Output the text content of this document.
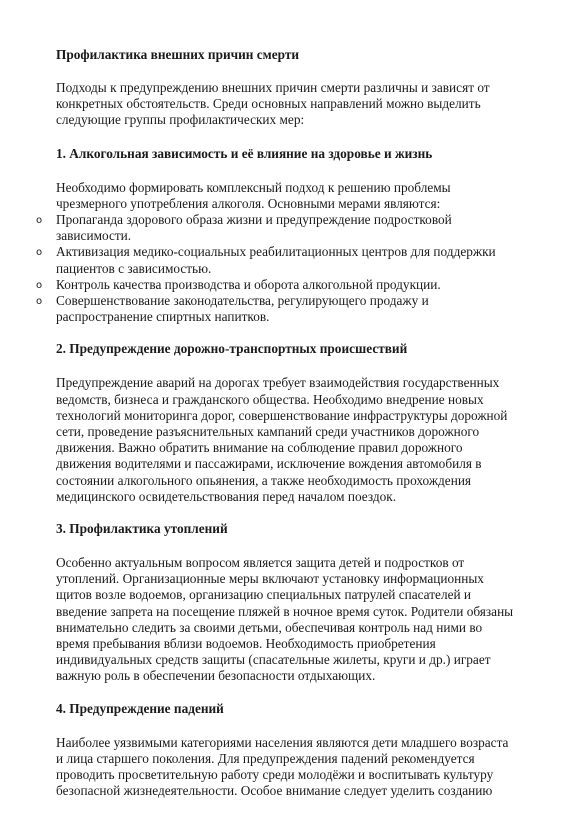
Профилактика внешних причин смерти

Подходы к предупреждению внешних причин смерти различны и зависят от конкретных обстоятельств. Среди основных направлений можно выделить следующие группы профилактических мер:

1. Алкогольная зависимость и её влияние на здоровье и жизнь

Необходимо формировать комплексный подход к решению проблемы чрезмерного употребления алкоголя. Основными мерами являются:

o Пропаганда здорового образа жизни и предупреждение подростковой зависимости.
o Активизация медико-социальных реабилитационных центров для поддержки пациентов с зависимостью.
o Контроль качества производства и оборота алкогольной продукции.
o Совершенствование законодательства, регулирующего продажу и распространение спиртных напитков.
2. Предупреждение дорожно-транспортных происшествий

Предупреждение аварий на дорогах требует взаимодействия государственных ведомств, бизнеса и гражданского общества. Необходимо внедрение новых технологий мониторинга дорог, совершенствование инфраструктуры дорожной сети, проведение разъяснительных кампаний среди участников дорожного движения. Важно обратить внимание на соблюдение правил дорожного движения водителями и пассажирами, исключение вождения автомобиля в состоянии алкогольного опьянения, а также необходимость прохождения медицинского освидетельствования перед началом поездок.

3. Профилактика утоплений

Особенно актуальным вопросом является защита детей и подростков от утоплений. Организационные меры включают установку информационных щитов возле водоемов, организацию специальных патрулей спасателей и введение запрета на посещение пляжей в ночное время суток. Родители обязаны внимательно следить за своими детьми, обеспечивая контроль над ними во время пребывания вблизи водоемов. Необходимость приобретения индивидуальных средств защиты (спасательные жилеты, круги и др.) играет важную роль в обеспечении безопасности отдыхающих.

4. Предупреждение падений

Наиболее уязвимыми категориями населения являются дети младшего возраста и лица старшего поколения. Для предупреждения падений рекомендуется проводить просветительную работу среди молодёжи и воспитывать культуру безопасной жизнедеятельности. Особое внимание следует уделить созданию
